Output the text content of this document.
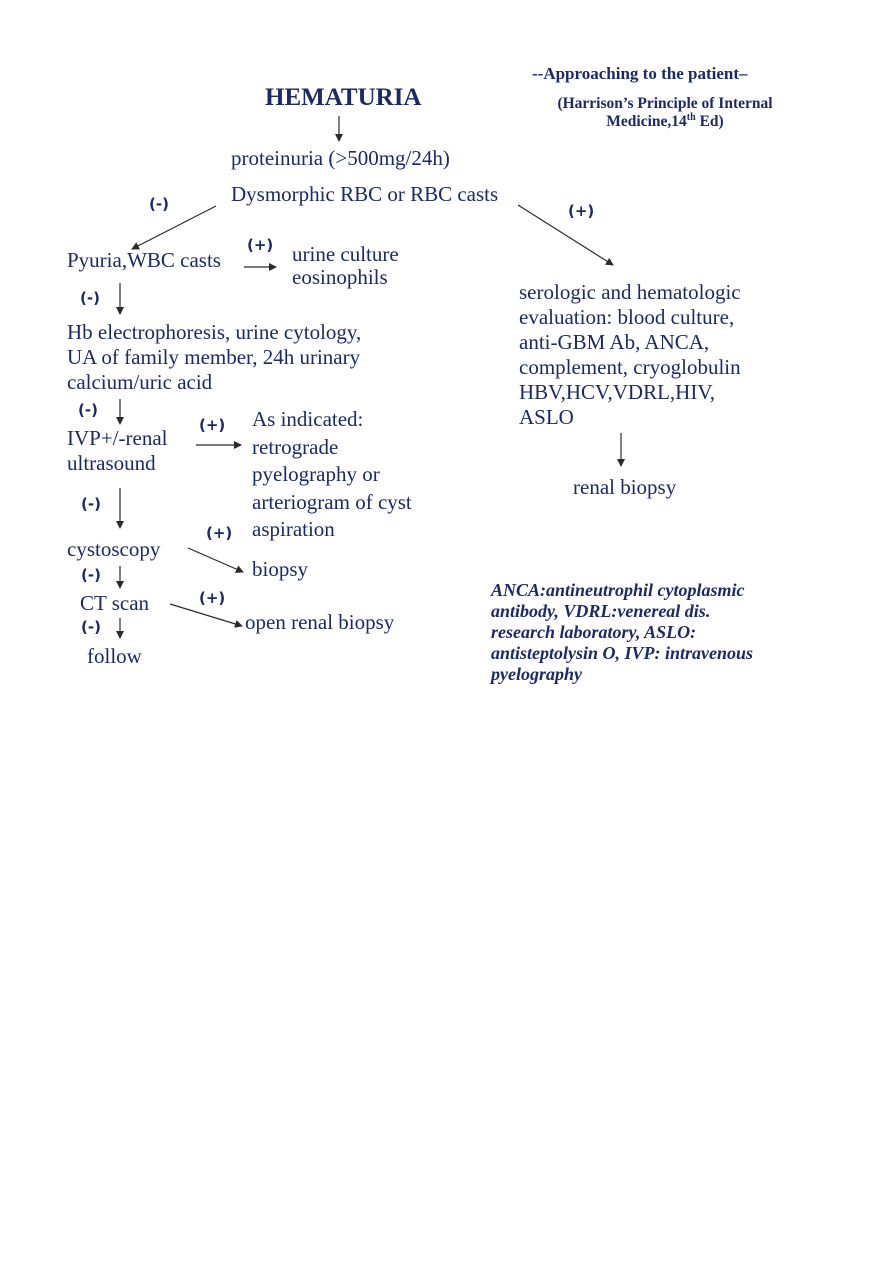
--Approaching to the patient–
(Harrison’s Principle of Internal
Medicine,14th Ed)
HEMATURIA
proteinuria (>500mg/24h)
Dysmorphic RBC or RBC casts
(-)	(+)
(+)
(-)
(-)
(+)
(-)
(+)
(-)
(+)
(-)
Pyuria,WBC casts	urine culture
eosinophils
Hb electrophoresis, urine cytology,
UA of family member, 24h urinary
calcium/uric acid
IVP+/-renal
ultrasound
As indicated:
retrograde
pyelography or
arteriogram of cyst
aspiration
cystoscopy
biopsy
CT scan
open renal biopsy
follow
serologic and hematologic
evaluation: blood culture,
anti-GBM Ab, ANCA,
complement, cryoglobulin
HBV,HCV,VDRL,HIV,
ASLO
renal biopsy
ANCA:antineutrophil cytoplasmic
antibody, VDRL:venereal dis.
research laboratory, ASLO:
antisteptolysin O, IVP: intravenous
pyelography
